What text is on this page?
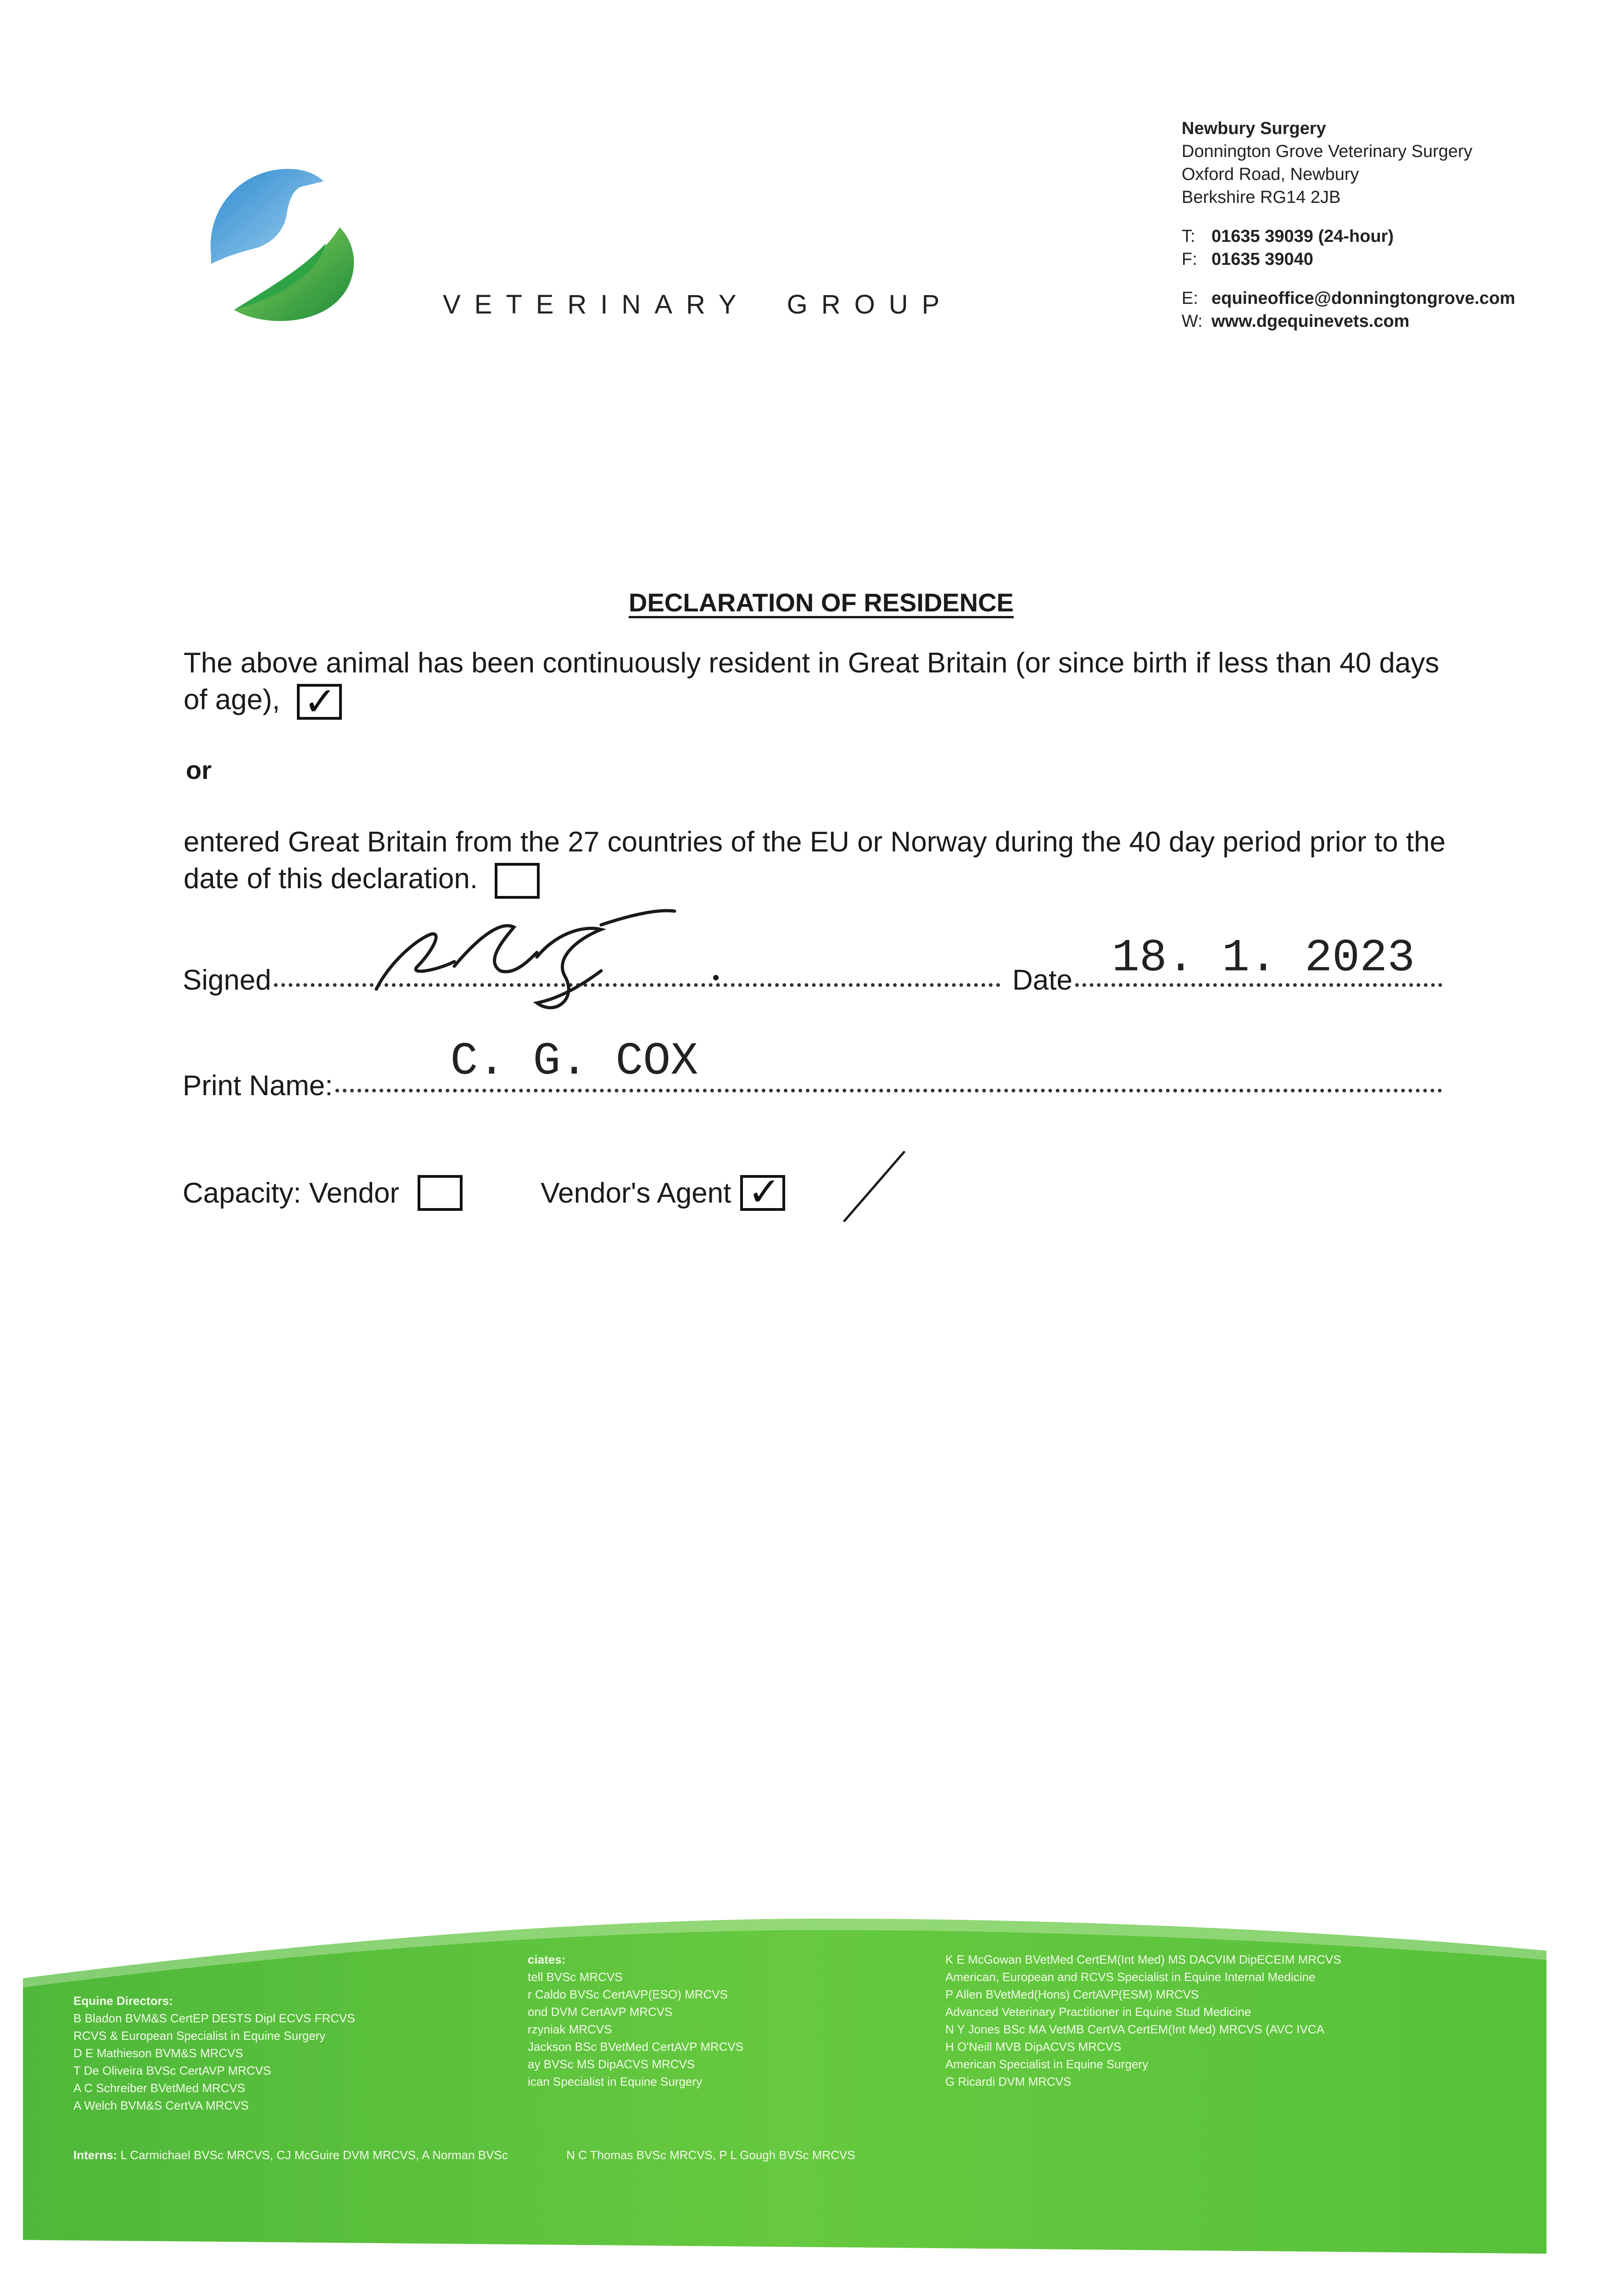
VETERINARY GROUP
Newbury Surgery
Donnington Grove Veterinary Surgery
Oxford Road, Newbury
Berkshire RG14 2JB
T: 01635 39039 (24-hour)
F: 01635 39040
E: equineoffice@donningtongrove.com
W: www.dgequinevets.com
DECLARATION OF RESIDENCE
The above animal has been continuously resident in Great Britain (or since birth if less than 40 days of age), ✓
or
entered Great Britain from the 27 countries of the EU or Norway during the 40 day period prior to the date of this declaration.
Signed	Date 18. 1. 2023
Print Name:	C. G. COX
Capacity: Vendor	Vendor's Agent ✓
Equine Directors:
B Bladon BVM&S CertEP DESTS Dipl ECVS FRCVS
RCVS & European Specialist in Equine Surgery
D E Mathieson BVM&S MRCVS
T De Oliveira BVSc CertAVP MRCVS
A C Schreiber BVetMed MRCVS
A Welch BVM&S CertVA MRCVS
ciates:
tell BVSc MRCVS
r Caldo BVSc CertAVP(ESO) MRCVS
ond DVM CertAVP MRCVS
rzyniak MRCVS
Jackson BSc BVetMed CertAVP MRCVS
ay BVSc MS DipACVS MRCVS
ican Specialist in Equine Surgery
K E McGowan BVetMed CertEM(Int Med) MS DACVIM DipECEIM MRCVS
American, European and RCVS Specialist in Equine Internal Medicine
P Allen BVetMed(Hons) CertAVP(ESM) MRCVS
Advanced Veterinary Practitioner in Equine Stud Medicine
N Y Jones BSc MA VetMB CertVA CertEM(Int Med) MRCVS (AVC IVCA
H O'Neill MVB DipACVS MRCVS
American Specialist in Equine Surgery
G Ricardi DVM MRCVS
Interns: L Carmichael BVSc MRCVS, CJ McGuire DVM MRCVS, A Norman BVSc	N C Thomas BVSc MRCVS, P L Gough BVSc MRCVS
